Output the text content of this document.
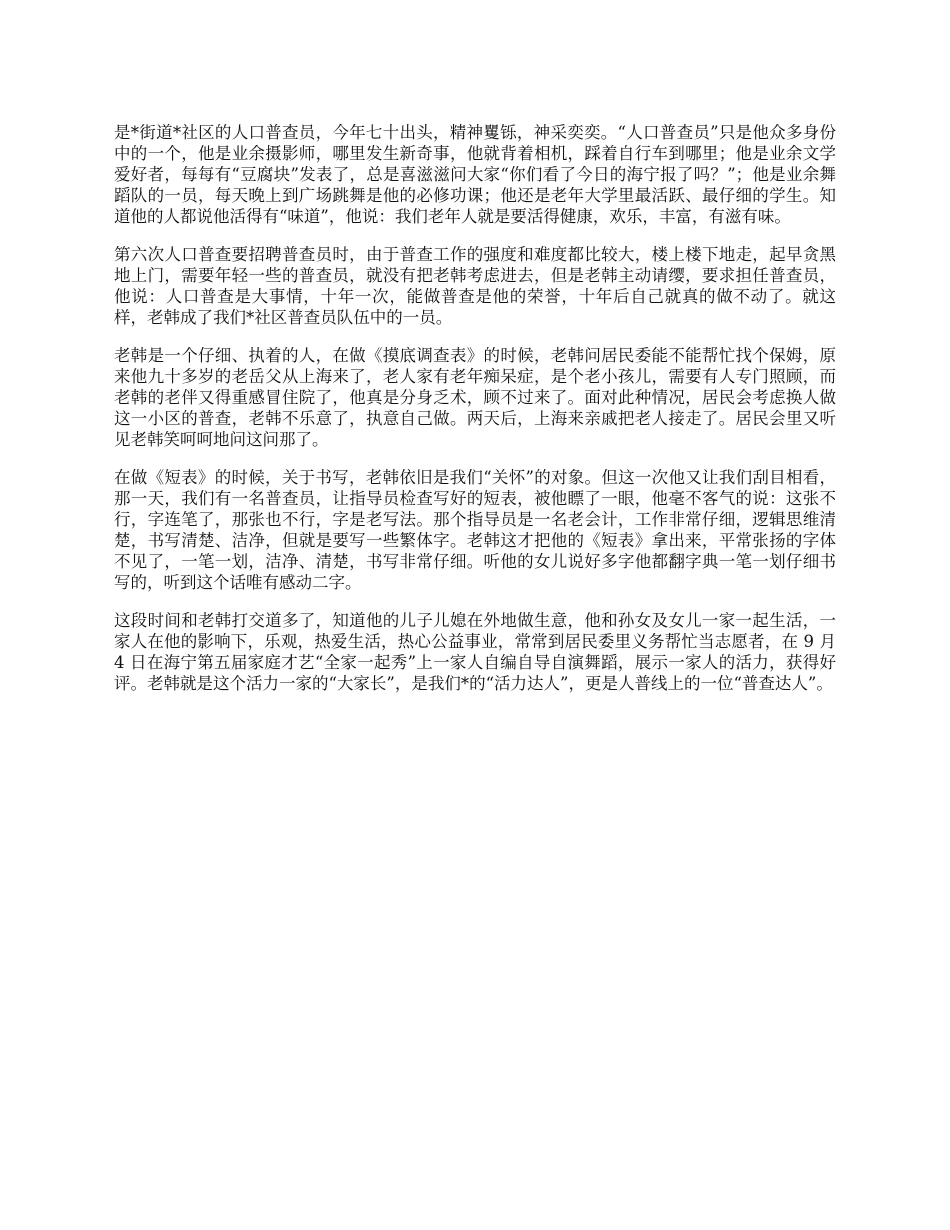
是*街道*社区的人口普查员，今年七十出头，精神矍铄，神采奕奕。“人口普查员”只是他众多身份中的一个，他是业余摄影师，哪里发生新奇事，他就背着相机，踩着自行车到哪里；他是业余文学爱好者，每每有“豆腐块”发表了，总是喜滋滋问大家“你们看了今日的海宁报了吗？”；他是业余舞蹈队的一员，每天晚上到广场跳舞是他的必修功课；他还是老年大学里最活跃、最仔细的学生。知道他的人都说他活得有“味道”，他说：我们老年人就是要活得健康，欢乐，丰富，有滋有味。

第六次人口普查要招聘普查员时，由于普查工作的强度和难度都比较大，楼上楼下地走，起早贪黑地上门，需要年轻一些的普查员，就没有把老韩考虑进去，但是老韩主动请缨，要求担任普查员，他说：人口普查是大事情，十年一次，能做普查是他的荣誉，十年后自己就真的做不动了。就这样，老韩成了我们*社区普查员队伍中的一员。

老韩是一个仔细、执着的人，在做《摸底调查表》的时候，老韩问居民委能不能帮忙找个保姆，原来他九十多岁的老岳父从上海来了，老人家有老年痴呆症，是个老小孩儿，需要有人专门照顾，而老韩的老伴又得重感冒住院了，他真是分身乏术，顾不过来了。面对此种情况，居民会考虑换人做这一小区的普查，老韩不乐意了，执意自己做。两天后，上海来亲戚把老人接走了。居民会里又听见老韩笑呵呵地问这问那了。

在做《短表》的时候，关于书写，老韩依旧是我们“关怀”的对象。但这一次他又让我们刮目相看，那一天，我们有一名普查员，让指导员检查写好的短表，被他瞟了一眼，他毫不客气的说：这张不行，字连笔了，那张也不行，字是老写法。那个指导员是一名老会计，工作非常仔细，逻辑思维清楚，书写清楚、洁净，但就是要写一些繁体字。老韩这才把他的《短表》拿出来，平常张扬的字体不见了，一笔一划，洁净、清楚，书写非常仔细。听他的女儿说好多字他都翻字典一笔一划仔细书写的，听到这个话唯有感动二字。

这段时间和老韩打交道多了，知道他的儿子儿媳在外地做生意，他和孙女及女儿一家一起生活，一家人在他的影响下，乐观，热爱生活，热心公益事业，常常到居民委里义务帮忙当志愿者，在 9 月 4 日在海宁第五届家庭才艺“全家一起秀”上一家人自编自导自演舞蹈，展示一家人的活力，获得好评。老韩就是这个活力一家的“大家长”，是我们*的“活力达人”，更是人普线上的一位“普查达人”。
